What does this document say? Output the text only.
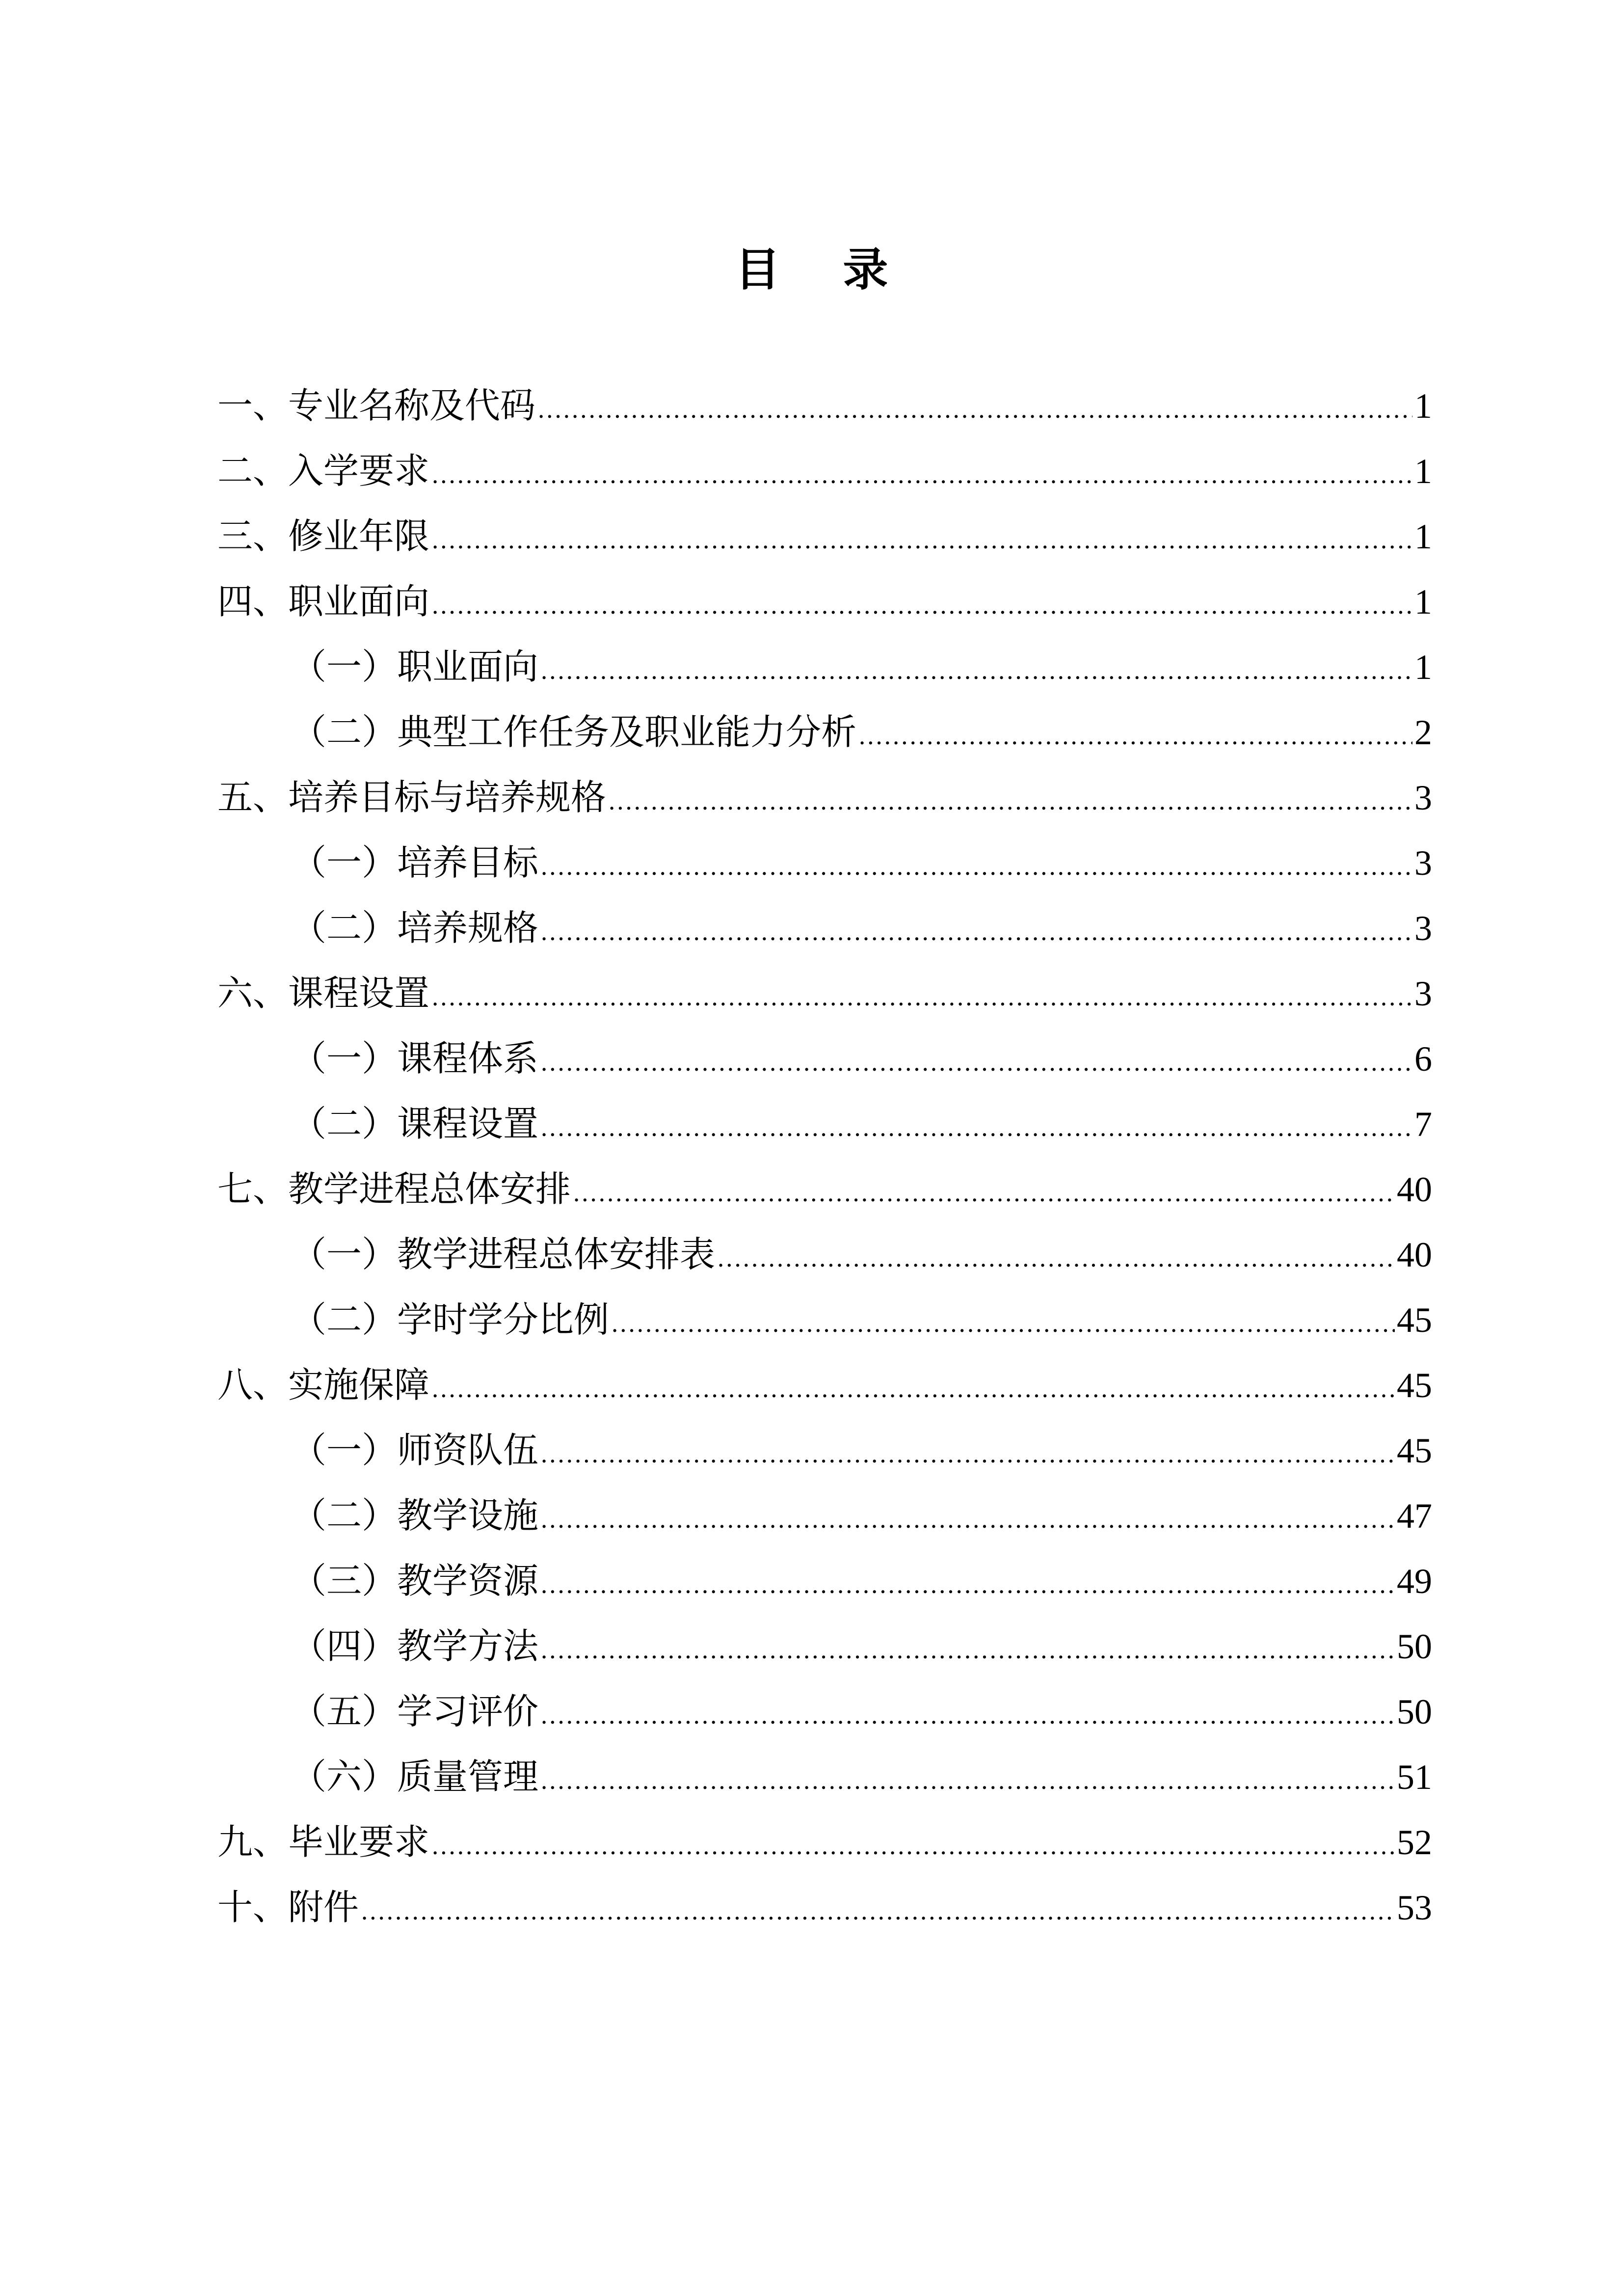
目    录
一、专业名称及代码 .....	1
二、入学要求 .....	1
三、修业年限 .....	1
四、职业面向 .....	1
（一）职业面向 .....	1
（二）典型工作任务及职业能力分析 .....	2
五、培养目标与培养规格 .....	3
（一）培养目标 .....	3
（二）培养规格 .....	3
六、课程设置 .....	3
（一）课程体系 .....	6
（二）课程设置 .....	7
七、教学进程总体安排 .....	40
（一）教学进程总体安排表 .....	40
（二）学时学分比例 .....	45
八、实施保障 .....	45
（一）师资队伍 .....	45
（二）教学设施 .....	47
（三）教学资源 .....	49
（四）教学方法 .....	50
（五）学习评价 .....	50
（六）质量管理 .....	51
九、毕业要求 .....	52
十、附件 .....	53
